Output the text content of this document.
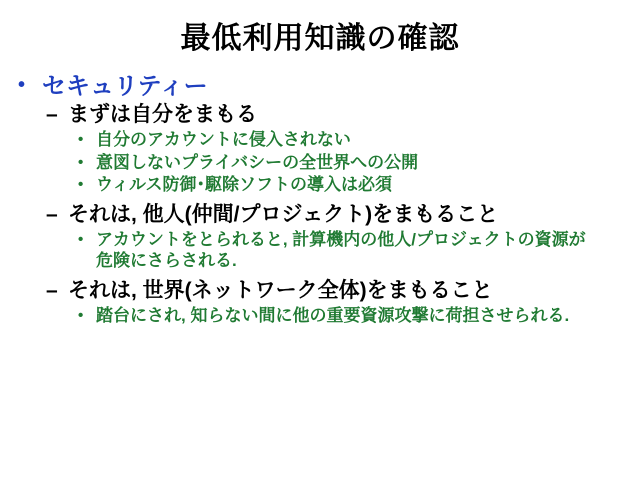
最低利用知識の確認
• セキュリティー
– まずは自分をまもる
• 自分のアカウントに侵入されない
• 意図しないプライバシーの全世界への公開
• ウィルス防御･駆除ソフトの導入は必須
– それは, 他人(仲間/プロジェクト)をまもること
• アカウントをとられると, 計算機内の他人/プロジェクトの資源が危険にさらされる.
– それは, 世界(ネットワーク全体)をまもること
• 踏台にされ, 知らない間に他の重要資源攻撃に荷担させられる.
